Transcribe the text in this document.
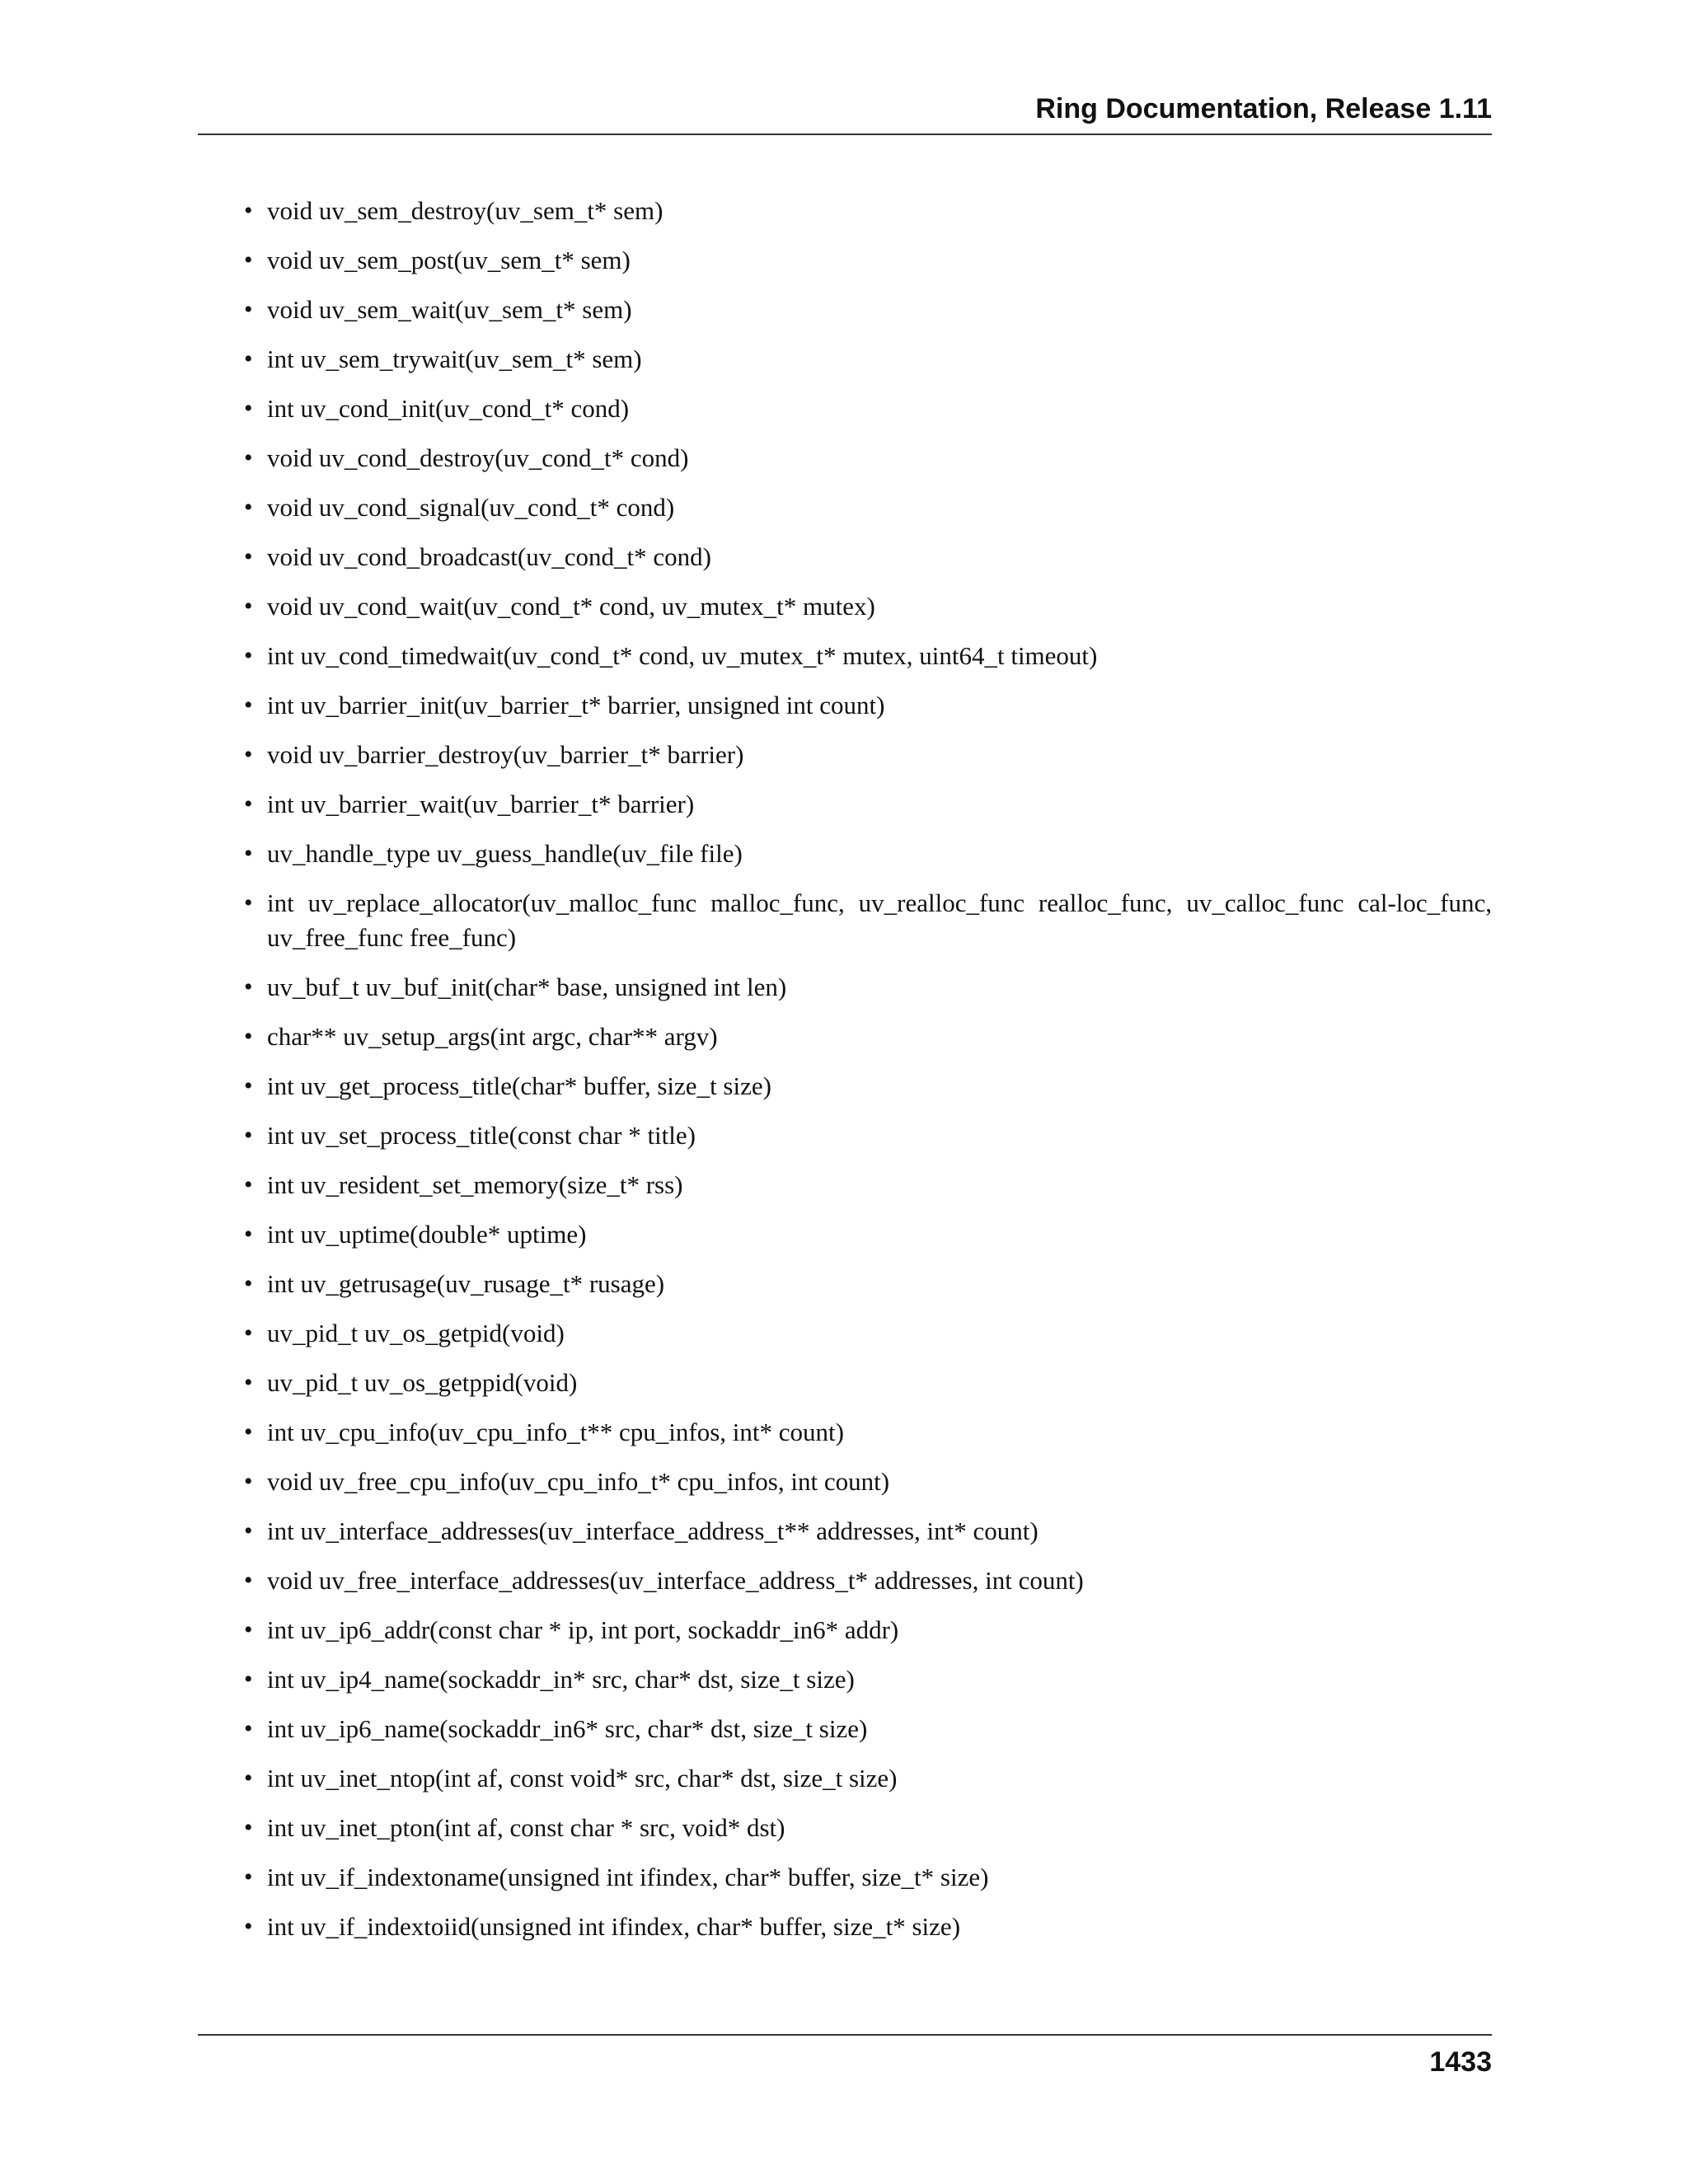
Ring Documentation, Release 1.11
• void uv_sem_destroy(uv_sem_t* sem)
• void uv_sem_post(uv_sem_t* sem)
• void uv_sem_wait(uv_sem_t* sem)
• int uv_sem_trywait(uv_sem_t* sem)
• int uv_cond_init(uv_cond_t* cond)
• void uv_cond_destroy(uv_cond_t* cond)
• void uv_cond_signal(uv_cond_t* cond)
• void uv_cond_broadcast(uv_cond_t* cond)
• void uv_cond_wait(uv_cond_t* cond, uv_mutex_t* mutex)
• int uv_cond_timedwait(uv_cond_t* cond, uv_mutex_t* mutex, uint64_t timeout)
• int uv_barrier_init(uv_barrier_t* barrier, unsigned int count)
• void uv_barrier_destroy(uv_barrier_t* barrier)
• int uv_barrier_wait(uv_barrier_t* barrier)
• uv_handle_type uv_guess_handle(uv_file file)
• int uv_replace_allocator(uv_malloc_func malloc_func, uv_realloc_func realloc_func, uv_calloc_func cal-loc_func, uv_free_func free_func)
• uv_buf_t uv_buf_init(char* base, unsigned int len)
• char** uv_setup_args(int argc, char** argv)
• int uv_get_process_title(char* buffer, size_t size)
• int uv_set_process_title(const char * title)
• int uv_resident_set_memory(size_t* rss)
• int uv_uptime(double* uptime)
• int uv_getrusage(uv_rusage_t* rusage)
• uv_pid_t uv_os_getpid(void)
• uv_pid_t uv_os_getppid(void)
• int uv_cpu_info(uv_cpu_info_t** cpu_infos, int* count)
• void uv_free_cpu_info(uv_cpu_info_t* cpu_infos, int count)
• int uv_interface_addresses(uv_interface_address_t** addresses, int* count)
• void uv_free_interface_addresses(uv_interface_address_t* addresses, int count)
• int uv_ip6_addr(const char * ip, int port, sockaddr_in6* addr)
• int uv_ip4_name(sockaddr_in* src, char* dst, size_t size)
• int uv_ip6_name(sockaddr_in6* src, char* dst, size_t size)
• int uv_inet_ntop(int af, const void* src, char* dst, size_t size)
• int uv_inet_pton(int af, const char * src, void* dst)
• int uv_if_indextoname(unsigned int ifindex, char* buffer, size_t* size)
• int uv_if_indextoiid(unsigned int ifindex, char* buffer, size_t* size)
1433
